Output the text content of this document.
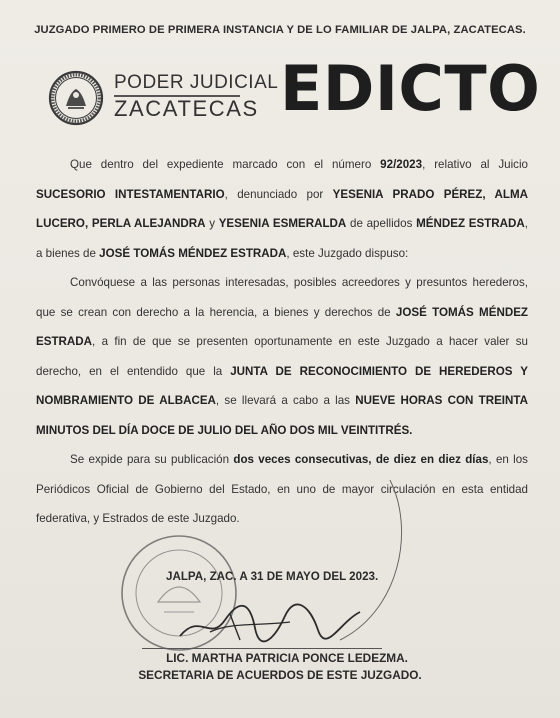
JUZGADO PRIMERO DE PRIMERA INSTANCIA Y DE LO FAMILIAR DE JALPA, ZACATECAS.
PODER JUDICIAL
ZACATECAS EDICTO

Que dentro del expediente marcado con el número 92/2023, relativo al Juicio SUCESORIO INTESTAMENTARIO, denunciado por YESENIA PRADO PÉREZ, ALMA LUCERO, PERLA ALEJANDRA y YESENIA ESMERALDA de apellidos MÉNDEZ ESTRADA, a bienes de JOSÉ TOMÁS MÉNDEZ ESTRADA, este Juzgado dispuso:

Convóquese a las personas interesadas, posibles acreedores y presuntos herederos, que se crean con derecho a la herencia, a bienes y derechos de JOSÉ TOMÁS MÉNDEZ ESTRADA, a fin de que se presenten oportunamente en este Juzgado a hacer valer su derecho, en el entendido que la JUNTA DE RECONOCIMIENTO DE HEREDEROS Y NOMBRAMIENTO DE ALBACEA, se llevará a cabo a las NUEVE HORAS CON TREINTA MINUTOS DEL DÍA DOCE DE JULIO DEL AÑO DOS MIL VEINTITRÉS.

Se expide para su publicación dos veces consecutivas, de diez en diez días, en los Periódicos Oficial de Gobierno del Estado, en uno de mayor circulación en esta entidad federativa, y Estrados de este Juzgado.

JALPA, ZAC. A 31 DE MAYO DEL 2023.
LIC. MARTHA PATRICIA PONCE LEDEZMA.
SECRETARIA DE ACUERDOS DE ESTE JUZGADO.
